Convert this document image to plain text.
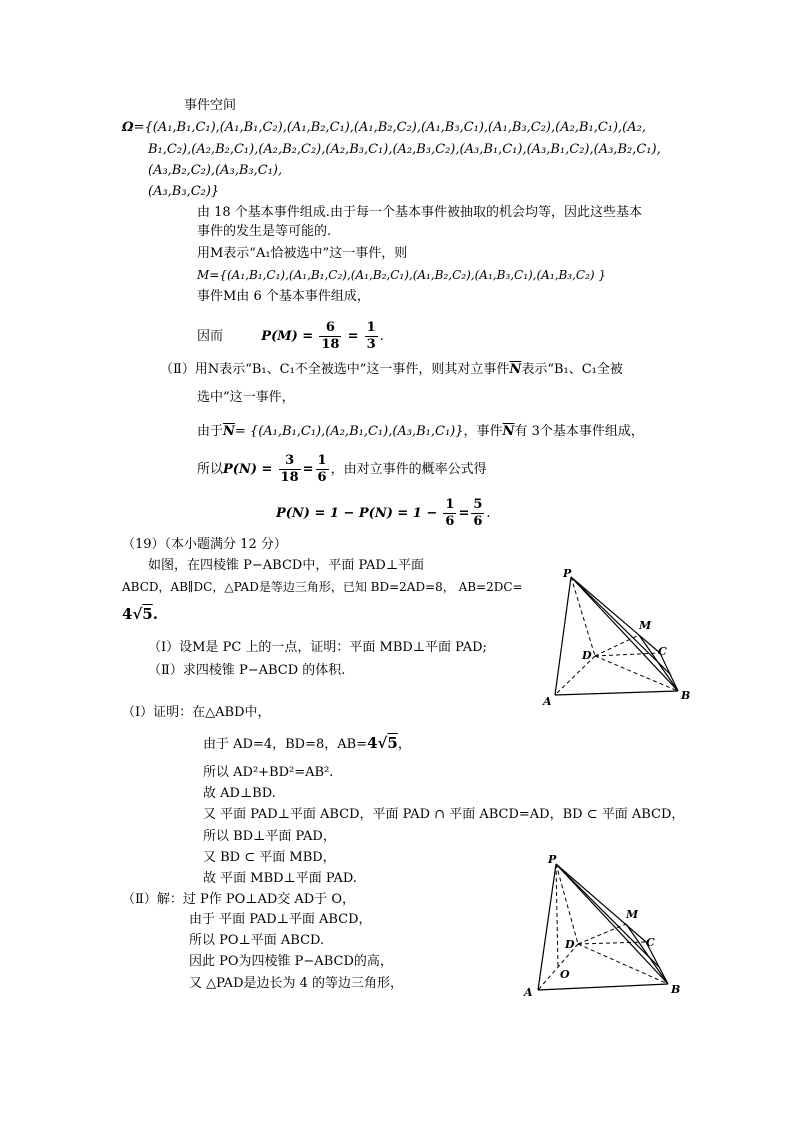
事件空间
Ω={(A₁,B₁,C₁),(A₁,B₁,C₂),(A₁,B₂,C₁),(A₁,B₂,C₂),(A₁,B₃,C₁),(A₁,B₃,C₂),(A₂,B₁,C₁),(A₂,
B₁,C₂),(A₂,B₂,C₁),(A₂,B₂,C₂),(A₂,B₃,C₁),(A₂,B₃,C₂),(A₃,B₁,C₁),(A₃,B₁,C₂),(A₃,B₂,C₁),
(A₃,B₂,C₂),(A₃,B₃,C₁),
(A₃,B₃,C₂)}
由 18 个基本事件组成.由于每一个基本事件被抽取的机会均等，因此这些基本
事件的发生是等可能的.
用M表示“A₁恰被选中”这一事件，则
M={(A₁,B₁,C₁),(A₁,B₁,C₂),(A₁,B₂,C₁),(A₁,B₂,C₂),(A₁,B₃,C₁),(A₁,B₃,C₂) }
事件M由 6 个基本事件组成，
因而	$P(M) = \frac{6}{18} = \frac{1}{3}$ .
（Ⅱ）用N表示“B₁、C₁不全被选中”这一事件，则其对立事件$\overline{N}$表示“B₁、C₁全被
选中”这一事件，
由于$\overline{N}= \{(A_1,B_1,C_1),(A_2,B_1,C_1),(A_3,B_1,C_1)\}$，事件$\overline{N}$有 3个基本事件组成，
所以$P(N) = \frac{3}{18} = \frac{1}{6}$ ，由对立事件的概率公式得
$P(N) = 1 - P(N) = 1 - \frac{1}{6} = \frac{5}{6}$ .
（19）（本小题满分 12 分）
如图，在四棱锥 P−ABCD中，平面 PAD⊥平面
ABCD，AB∥DC，△PAD是等边三角形，已知 BD=2AD=8， AB=2DC=
4√5.
（Ⅰ）设M是 PC 上的一点，证明：平面 MBD⊥平面 PAD;
（Ⅱ）求四棱锥 P−ABCD 的体积.
P
M
D	C
A	B
（Ⅰ）证明：在△ABD中，
由于 AD=4，BD=8，AB=4√5，
所以 AD²+BD²=AB².
故 AD⊥BD.
又 平面 PAD⊥平面 ABCD，平面 PAD ∩ 平面 ABCD=AD，BD ⊂ 平面 ABCD，
所以 BD⊥平面 PAD，
又 BD ⊂ 平面 MBD，
故 平面 MBD⊥平面 PAD.
（Ⅱ）解：过 P作 PO⊥AD交 AD于 O，
由于 平面 PAD⊥平面 ABCD，
所以 PO⊥平面 ABCD.
因此 PO为四棱锥 P−ABCD的高，
又 △PAD是边长为 4 的等边三角形，
P
M
D	C
O
A	B
